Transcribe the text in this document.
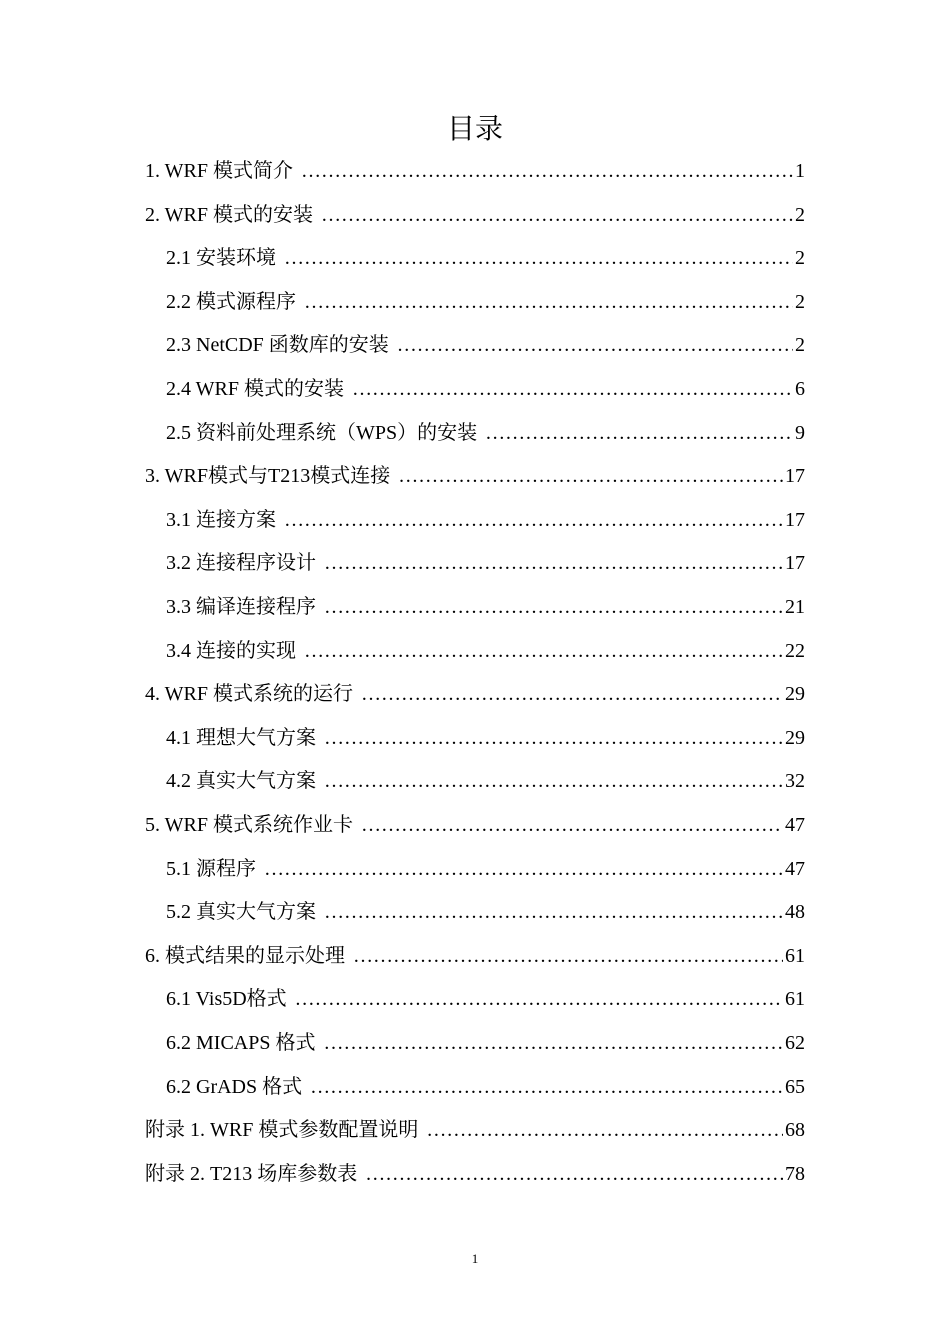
目录
1. WRF 模式简介 …………………………………………………………………………………………………………………………	1
2. WRF 模式的安装 …………………………………………………………………………………………………………………………	2
2.1 安装环境 …………………………………………………………………………………………………………………………	2
2.2 模式源程序 …………………………………………………………………………………………………………………………	2
2.3 NetCDF 函数库的安装 …………………………………………………………………………………………………………………………	2
2.4 WRF 模式的安装 …………………………………………………………………………………………………………………………	6
2.5 资料前处理系统（WPS）的安装 …………………………………………………………………………………………………………………………	9
3. WRF模式与T213模式连接 …………………………………………………………………………………………………………………………	17
3.1 连接方案 …………………………………………………………………………………………………………………………	17
3.2 连接程序设计 …………………………………………………………………………………………………………………………	17
3.3 编译连接程序 …………………………………………………………………………………………………………………………	21
3.4 连接的实现 …………………………………………………………………………………………………………………………	22
4. WRF 模式系统的运行 …………………………………………………………………………………………………………………………	29
4.1 理想大气方案 …………………………………………………………………………………………………………………………	29
4.2 真实大气方案 …………………………………………………………………………………………………………………………	32
5. WRF 模式系统作业卡 …………………………………………………………………………………………………………………………	47
5.1 源程序 …………………………………………………………………………………………………………………………	47
5.2 真实大气方案 …………………………………………………………………………………………………………………………	48
6. 模式结果的显示处理 …………………………………………………………………………………………………………………………	61
6.1 Vis5D格式 …………………………………………………………………………………………………………………………	61
6.2 MICAPS 格式 …………………………………………………………………………………………………………………………	62
6.2 GrADS 格式 …………………………………………………………………………………………………………………………	65
附录 1. WRF 模式参数配置说明 …………………………………………………………………………………………………………………………	68
附录 2. T213 场库参数表 …………………………………………………………………………………………………………………………	78
1
